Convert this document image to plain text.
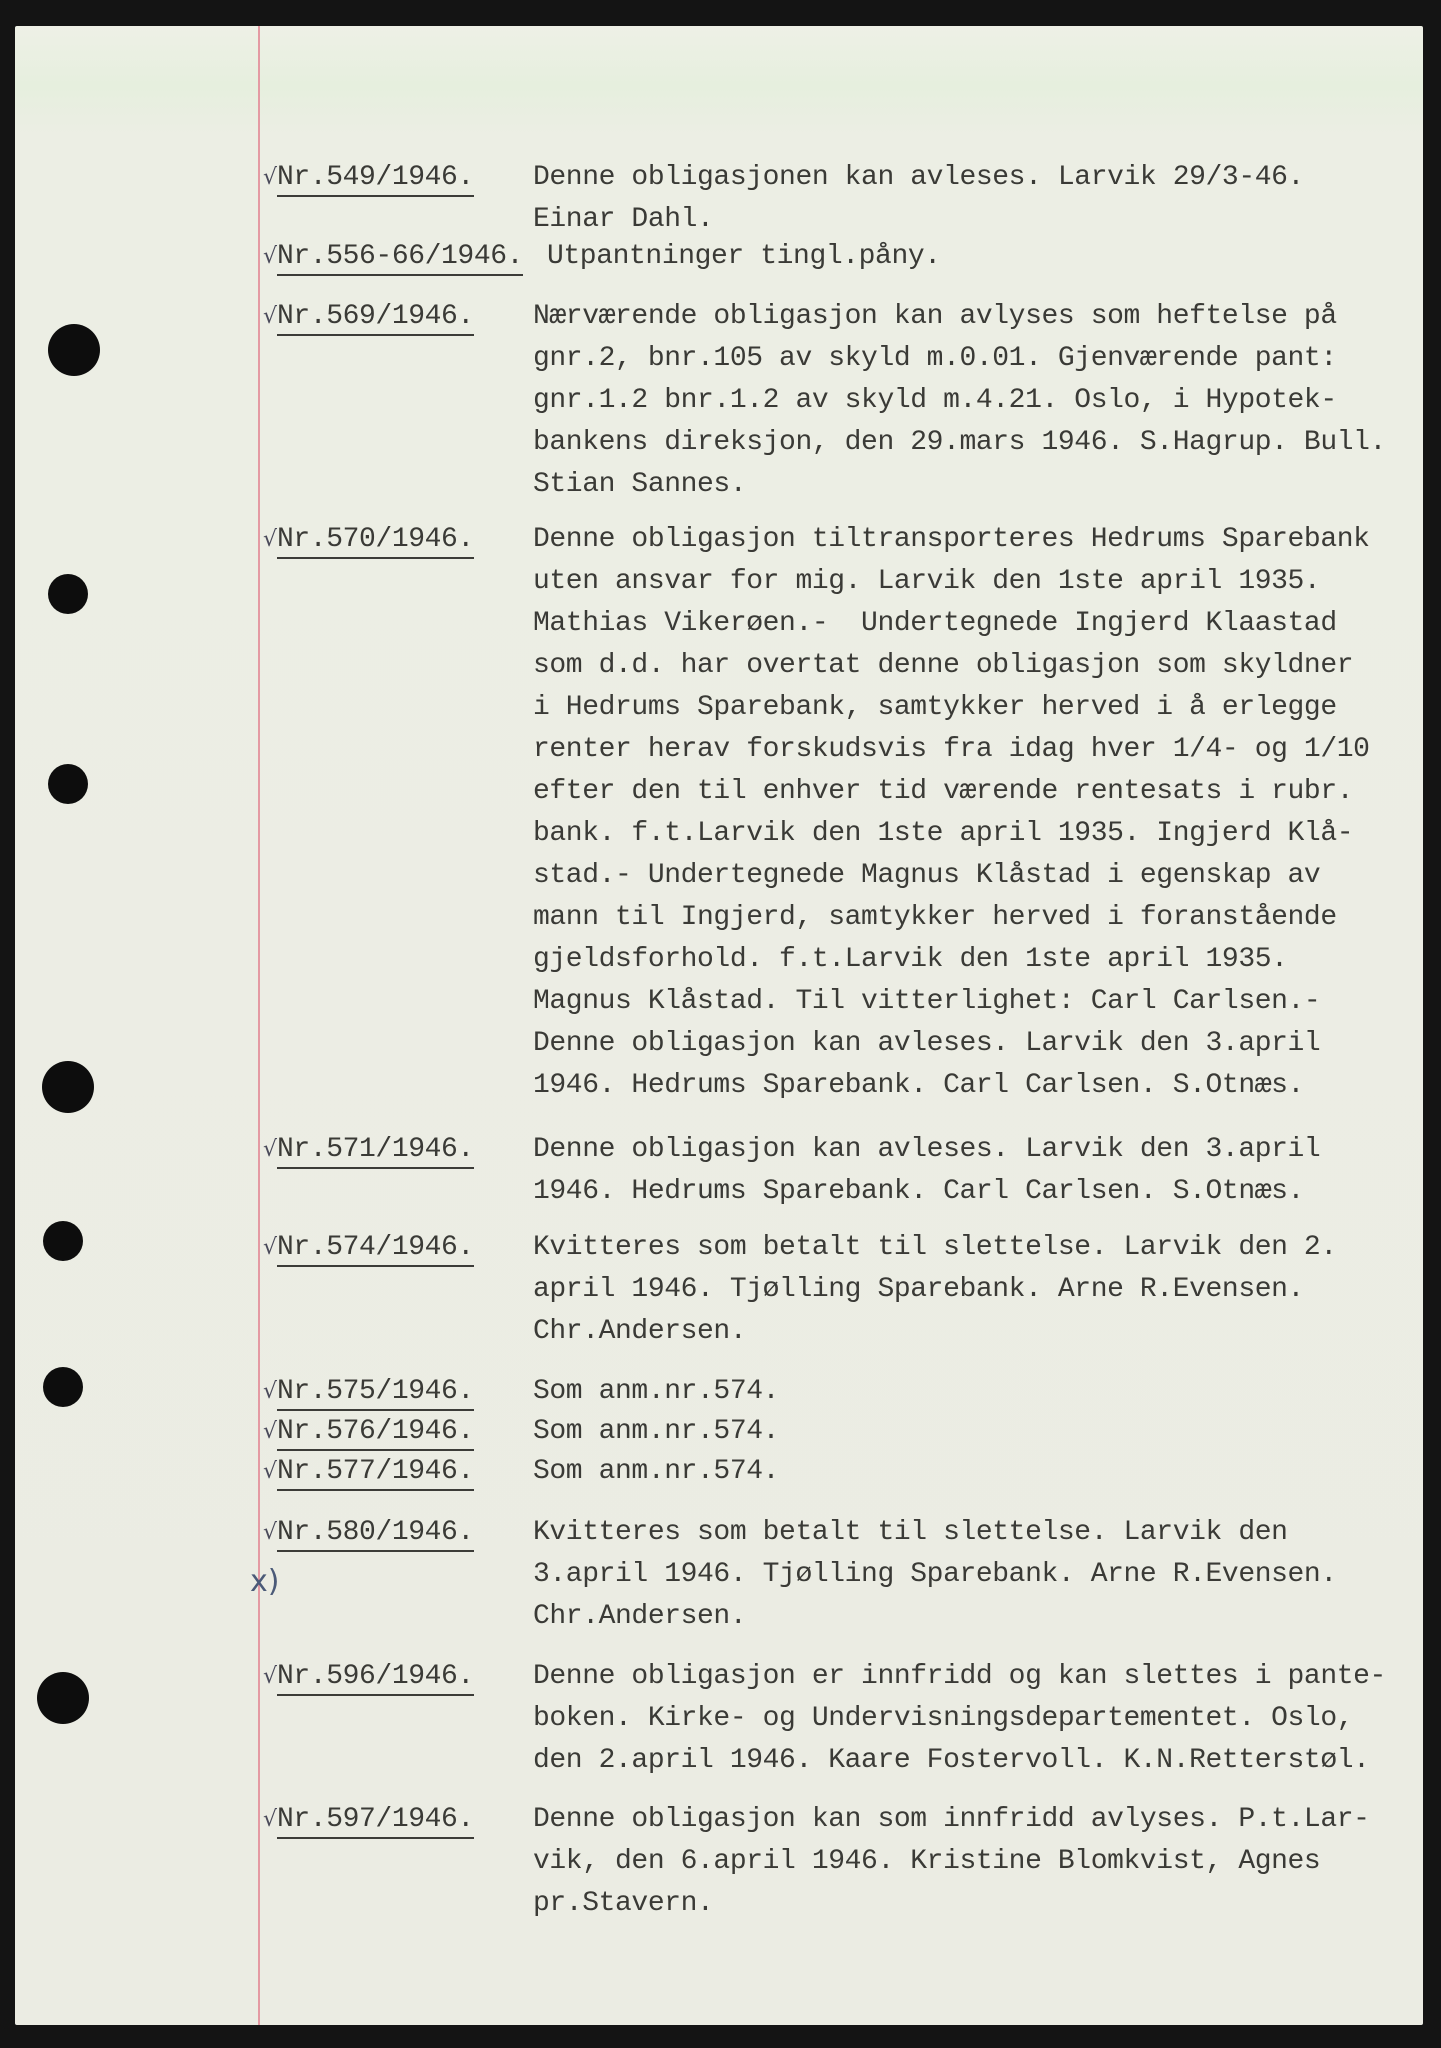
√Nr.549/1946. Denne obligasjonen kan avleses. Larvik 29/3-46.
Einar Dahl.
√Nr.556-66/1946. Utpantninger tingl.påny.
√Nr.569/1946. Nærværende obligasjon kan avlyses som heftelse på
gnr.2, bnr.105 av skyld m.0.01. Gjenværende pant:
gnr.1.2 bnr.1.2 av skyld m.4.21. Oslo, i Hypotek-
bankens direksjon, den 29.mars 1946. S.Hagrup. Bull.
Stian Sannes.
√Nr.570/1946. Denne obligasjon tiltransporteres Hedrums Sparebank
uten ansvar for mig. Larvik den 1ste april 1935.
Mathias Vikerøen.-  Undertegnede Ingjerd Klaastad
som d.d. har overtat denne obligasjon som skyldner
i Hedrums Sparebank, samtykker herved i å erlegge
renter herav forskudsvis fra idag hver 1/4- og 1/10
efter den til enhver tid værende rentesats i rubr.
bank. f.t.Larvik den 1ste april 1935. Ingjerd Klå-
stad.- Undertegnede Magnus Klåstad i egenskap av
mann til Ingjerd, samtykker herved i foranstående
gjeldsforhold. f.t.Larvik den 1ste april 1935.
Magnus Klåstad. Til vitterlighet: Carl Carlsen.-
Denne obligasjon kan avleses. Larvik den 3.april
1946. Hedrums Sparebank. Carl Carlsen. S.Otnæs.
√Nr.571/1946. Denne obligasjon kan avleses. Larvik den 3.april
1946. Hedrums Sparebank. Carl Carlsen. S.Otnæs.
√Nr.574/1946. Kvitteres som betalt til slettelse. Larvik den 2.
april 1946. Tjølling Sparebank. Arne R.Evensen.
Chr.Andersen.
√Nr.575/1946. Som anm.nr.574.
√Nr.576/1946. Som anm.nr.574.
√Nr.577/1946. Som anm.nr.574.
√Nr.580/1946. Kvitteres som betalt til slettelse. Larvik den
3.april 1946. Tjølling Sparebank. Arne R.Evensen.
Chr.Andersen.
x)
√Nr.596/1946. Denne obligasjon er innfridd og kan slettes i pante-
boken. Kirke- og Undervisningsdepartementet. Oslo,
den 2.april 1946. Kaare Fostervoll. K.N.Retterstøl.
√Nr.597/1946. Denne obligasjon kan som innfridd avlyses. P.t.Lar-
vik, den 6.april 1946. Kristine Blomkvist, Agnes
pr.Stavern.
